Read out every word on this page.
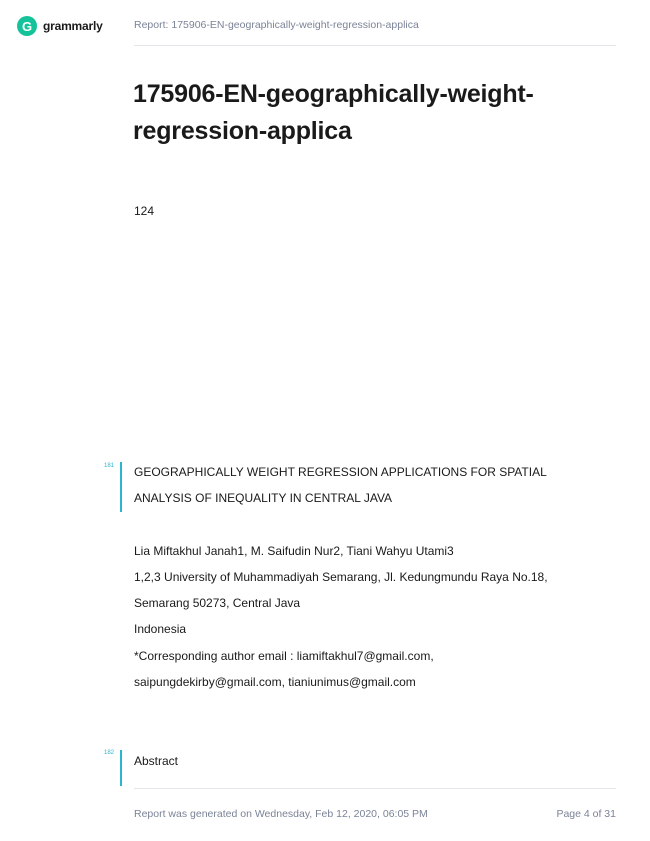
G grammarly	Report: 175906-EN-geographically-weight-regression-applica
175906-EN-geographically-weight-regression-applica
124
181 GEOGRAPHICALLY WEIGHT REGRESSION APPLICATIONS FOR SPATIAL
ANALYSIS OF INEQUALITY IN CENTRAL JAVA
Lia Miftakhul Janah1, M. Saifudin Nur2, Tiani Wahyu Utami3
1,2,3 University of Muhammadiyah Semarang, Jl. Kedungmundu Raya No.18,
Semarang 50273, Central Java
Indonesia
*Corresponding author email : liamiftakhul7@gmail.com,
saipungdekirby@gmail.com, tianiunimus@gmail.com
182
Abstract
Report was generated on Wednesday, Feb 12, 2020, 06:05 PM	Page 4 of 31
